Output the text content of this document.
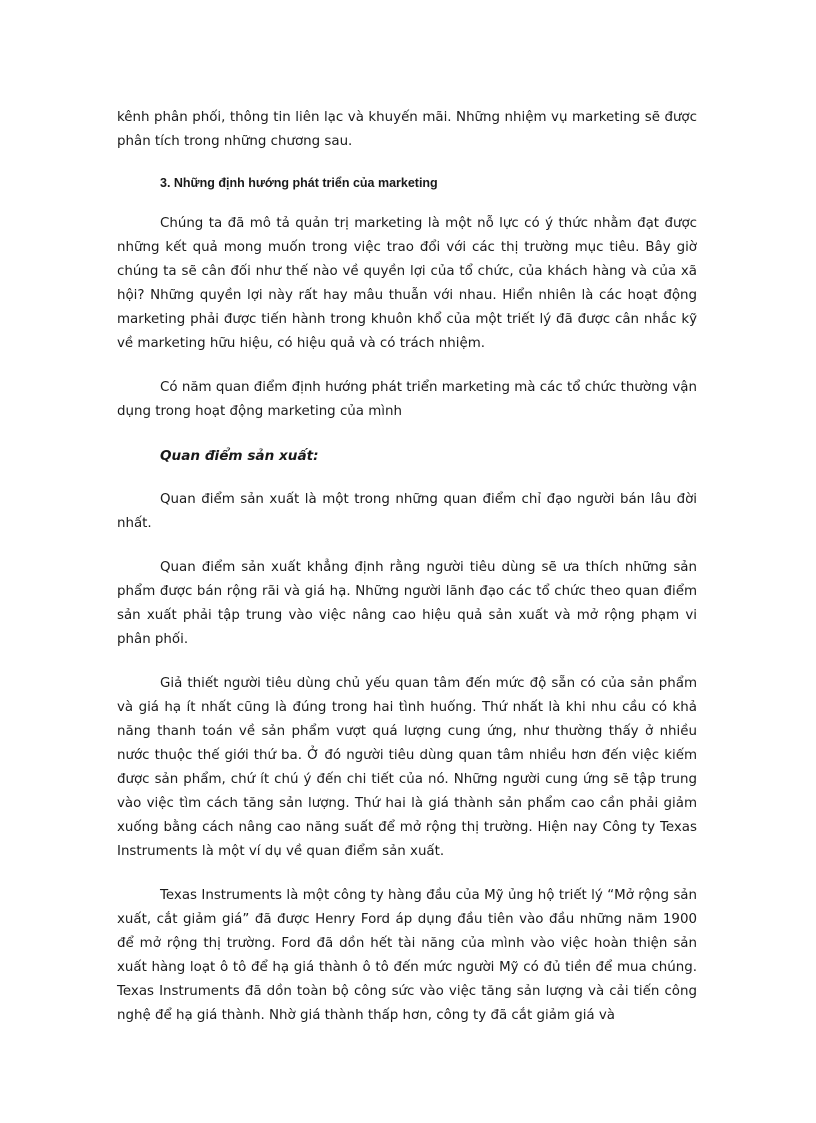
kênh phân phối, thông tin liên lạc và khuyến mãi. Những nhiệm vụ marketing sẽ được phân tích trong những chương sau.

3. Những định hướng phát triển của marketing

Chúng ta đã mô tả quản trị marketing là một nỗ lực có ý thức nhằm đạt được những kết quả mong muốn trong việc trao đổi với các thị trường mục tiêu. Bây giờ chúng ta sẽ cân đối như thế nào về quyền lợi của tổ chức, của khách hàng và của xã hội? Những quyền lợi này rất hay mâu thuẫn với nhau. Hiển nhiên là các hoạt động marketing phải được tiến hành trong khuôn khổ của một triết lý đã được cân nhắc kỹ về marketing hữu hiệu, có hiệu quả và có trách nhiệm.

Có năm quan điểm định hướng phát triển marketing mà các tổ chức thường vận dụng trong hoạt động marketing của mình

Quan điểm sản xuất:

Quan điểm sản xuất là một trong những quan điểm chỉ đạo người bán lâu đời nhất.

Quan điểm sản xuất khẳng định rằng người tiêu dùng sẽ ưa thích những sản phẩm được bán rộng rãi và giá hạ. Những người lãnh đạo các tổ chức theo quan điểm sản xuất phải tập trung vào việc nâng cao hiệu quả sản xuất và mở rộng phạm vi phân phối.

Giả thiết người tiêu dùng chủ yếu quan tâm đến mức độ sẵn có của sản phẩm và giá hạ ít nhất cũng là đúng trong hai tình huống. Thứ nhất là khi nhu cầu có khả năng thanh toán về sản phẩm vượt quá lượng cung ứng, như thường thấy ở nhiều nước thuộc thế giới thứ ba. Ở đó người tiêu dùng quan tâm nhiều hơn đến việc kiếm được sản phẩm, chứ ít chú ý đến chi tiết của nó. Những người cung ứng sẽ tập trung vào việc tìm cách tăng sản lượng. Thứ hai là giá thành sản phẩm cao cần phải giảm xuống bằng cách nâng cao năng suất để mở rộng thị trường. Hiện nay Công ty Texas Instruments là một ví dụ về quan điểm sản xuất.

Texas Instruments là một công ty hàng đầu của Mỹ ủng hộ triết lý “Mở rộng sản xuất, cắt giảm giá” đã được Henry Ford áp dụng đầu tiên vào đầu những năm 1900 để mở rộng thị trường. Ford đã dồn hết tài năng của mình vào việc hoàn thiện sản xuất hàng loạt ô tô để hạ giá thành ô tô đến mức người Mỹ có đủ tiền để mua chúng. Texas Instruments đã dồn toàn bộ công sức vào việc tăng sản lượng và cải tiến công nghệ để hạ giá thành. Nhờ giá thành thấp hơn, công ty đã cắt giảm giá và
